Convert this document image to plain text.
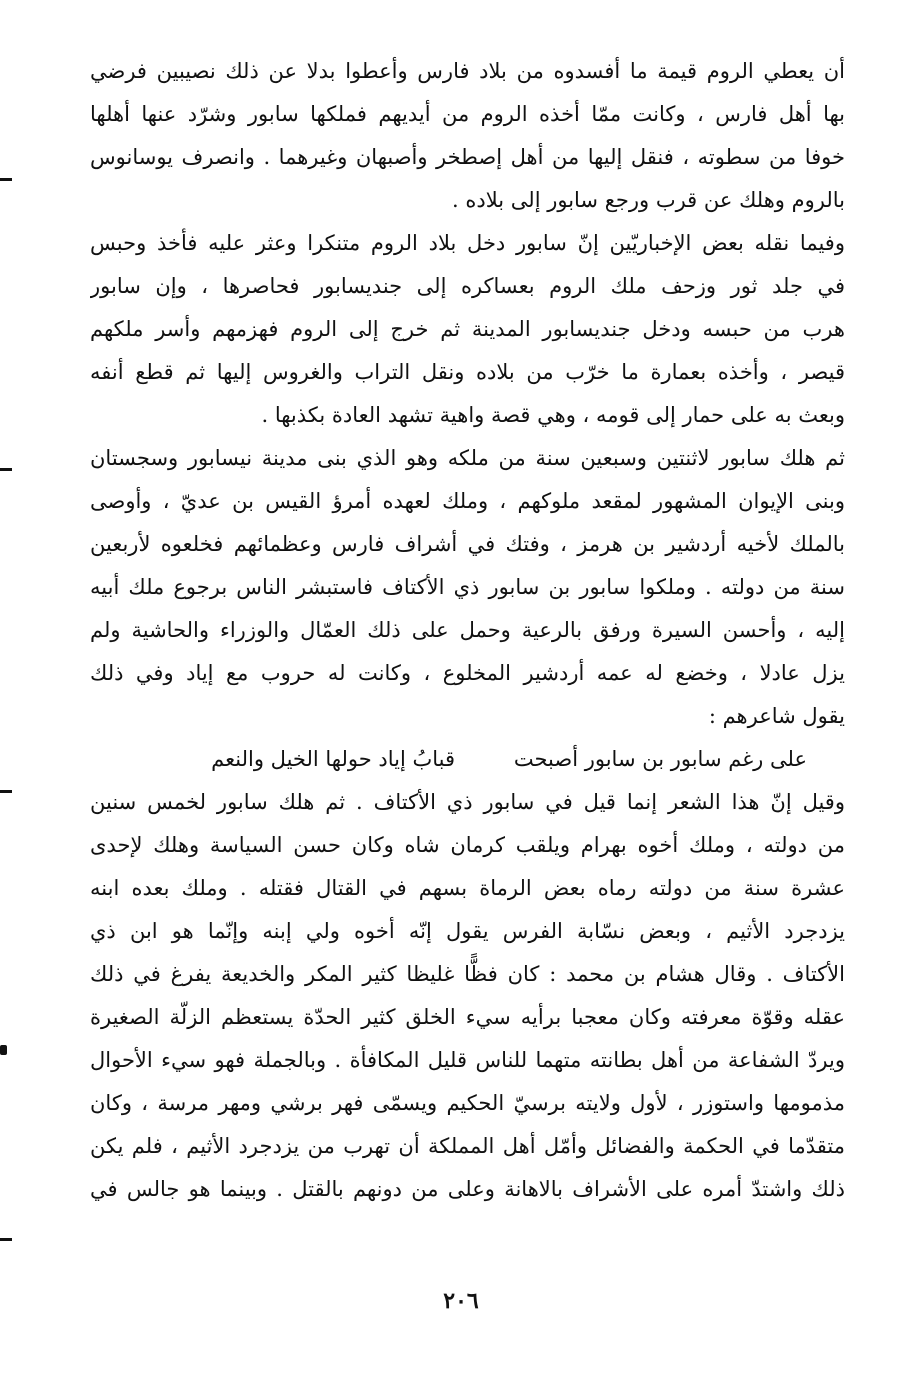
أن يعطي الروم قيمة ما أفسدوه من بلاد فارس وأعطوا بدلا عن ذلك نصيبين فرضي
بها أهل فارس ، وكانت ممّا أخذه الروم من أيديهم فملكها سابور وشرّد عنها أهلها
خوفا من سطوته ، فنقل إليها من أهل إصطخر وأصبهان وغيرهما . وانصرف يوسانوس
بالروم وهلك عن قرب ورجع سابور إلى بلاده .
وفيما نقله بعض الإخباريّين إنّ سابور دخل بلاد الروم متنكرا وعثر عليه فأخذ وحبس
في جلد ثور وزحف ملك الروم بعساكره إلى جنديسابور فحاصرها ، وإن سابور
هرب من حبسه ودخل جنديسابور المدينة ثم خرج إلى الروم فهزمهم وأسر ملكهم
قيصر ، وأخذه بعمارة ما خرّب من بلاده ونقل التراب والغروس إليها ثم قطع أنفه
وبعث به على حمار إلى قومه ، وهي قصة واهية تشهد العادة بكذبها .
ثم هلك سابور لاثنتين وسبعين سنة من ملكه وهو الذي بنى مدينة نيسابور وسجستان
وبنى الإيوان المشهور لمقعد ملوكهم ، وملك لعهده أمرؤ القيس بن عديّ ، وأوصى
بالملك لأخيه أردشير بن هرمز ، وفتك في أشراف فارس وعظمائهم فخلعوه لأربعين
سنة من دولته . وملكوا سابور بن سابور ذي الأكتاف فاستبشر الناس برجوع ملك أبيه
إليه ، وأحسن السيرة ورفق بالرعية وحمل على ذلك العمّال والوزراء والحاشية ولم
يزل عادلا ، وخضع له عمه أردشير المخلوع ، وكانت له حروب مع إياد وفي ذلك
يقول شاعرهم :
على رغم سابور بن سابور أصبحت
قبابُ إياد حولها الخيل والنعم
وقيل إنّ هذا الشعر إنما قيل في سابور ذي الأكتاف . ثم هلك سابور لخمس سنين
من دولته ، وملك أخوه بهرام ويلقب كرمان شاه وكان حسن السياسة وهلك لإحدى
عشرة سنة من دولته رماه بعض الرماة بسهم في القتال فقتله . وملك بعده ابنه
يزدجرد الأثيم ، وبعض نسّابة الفرس يقول إنّه أخوه ولي إبنه وإنّما هو ابن ذي
الأكتاف . وقال هشام بن محمد : كان فظًّا غليظا كثير المكر والخديعة يفرغ في ذلك
عقله وقوّة معرفته وكان معجبا برأيه سيء الخلق كثير الحدّة يستعظم الزلّة الصغيرة
ويردّ الشفاعة من أهل بطانته متهما للناس قليل المكافأة . وبالجملة فهو سيء الأحوال
مذمومها واستوزر ، لأول ولايته برسيّ الحكيم ويسمّى فهر برشي ومهر مرسة ، وكان
متقدّما في الحكمة والفضائل وأمّل أهل المملكة أن تهرب من يزدجرد الأثيم ، فلم يكن
ذلك واشتدّ أمره على الأشراف بالاهانة وعلى من دونهم بالقتل . وبينما هو جالس في
٢٠٦
